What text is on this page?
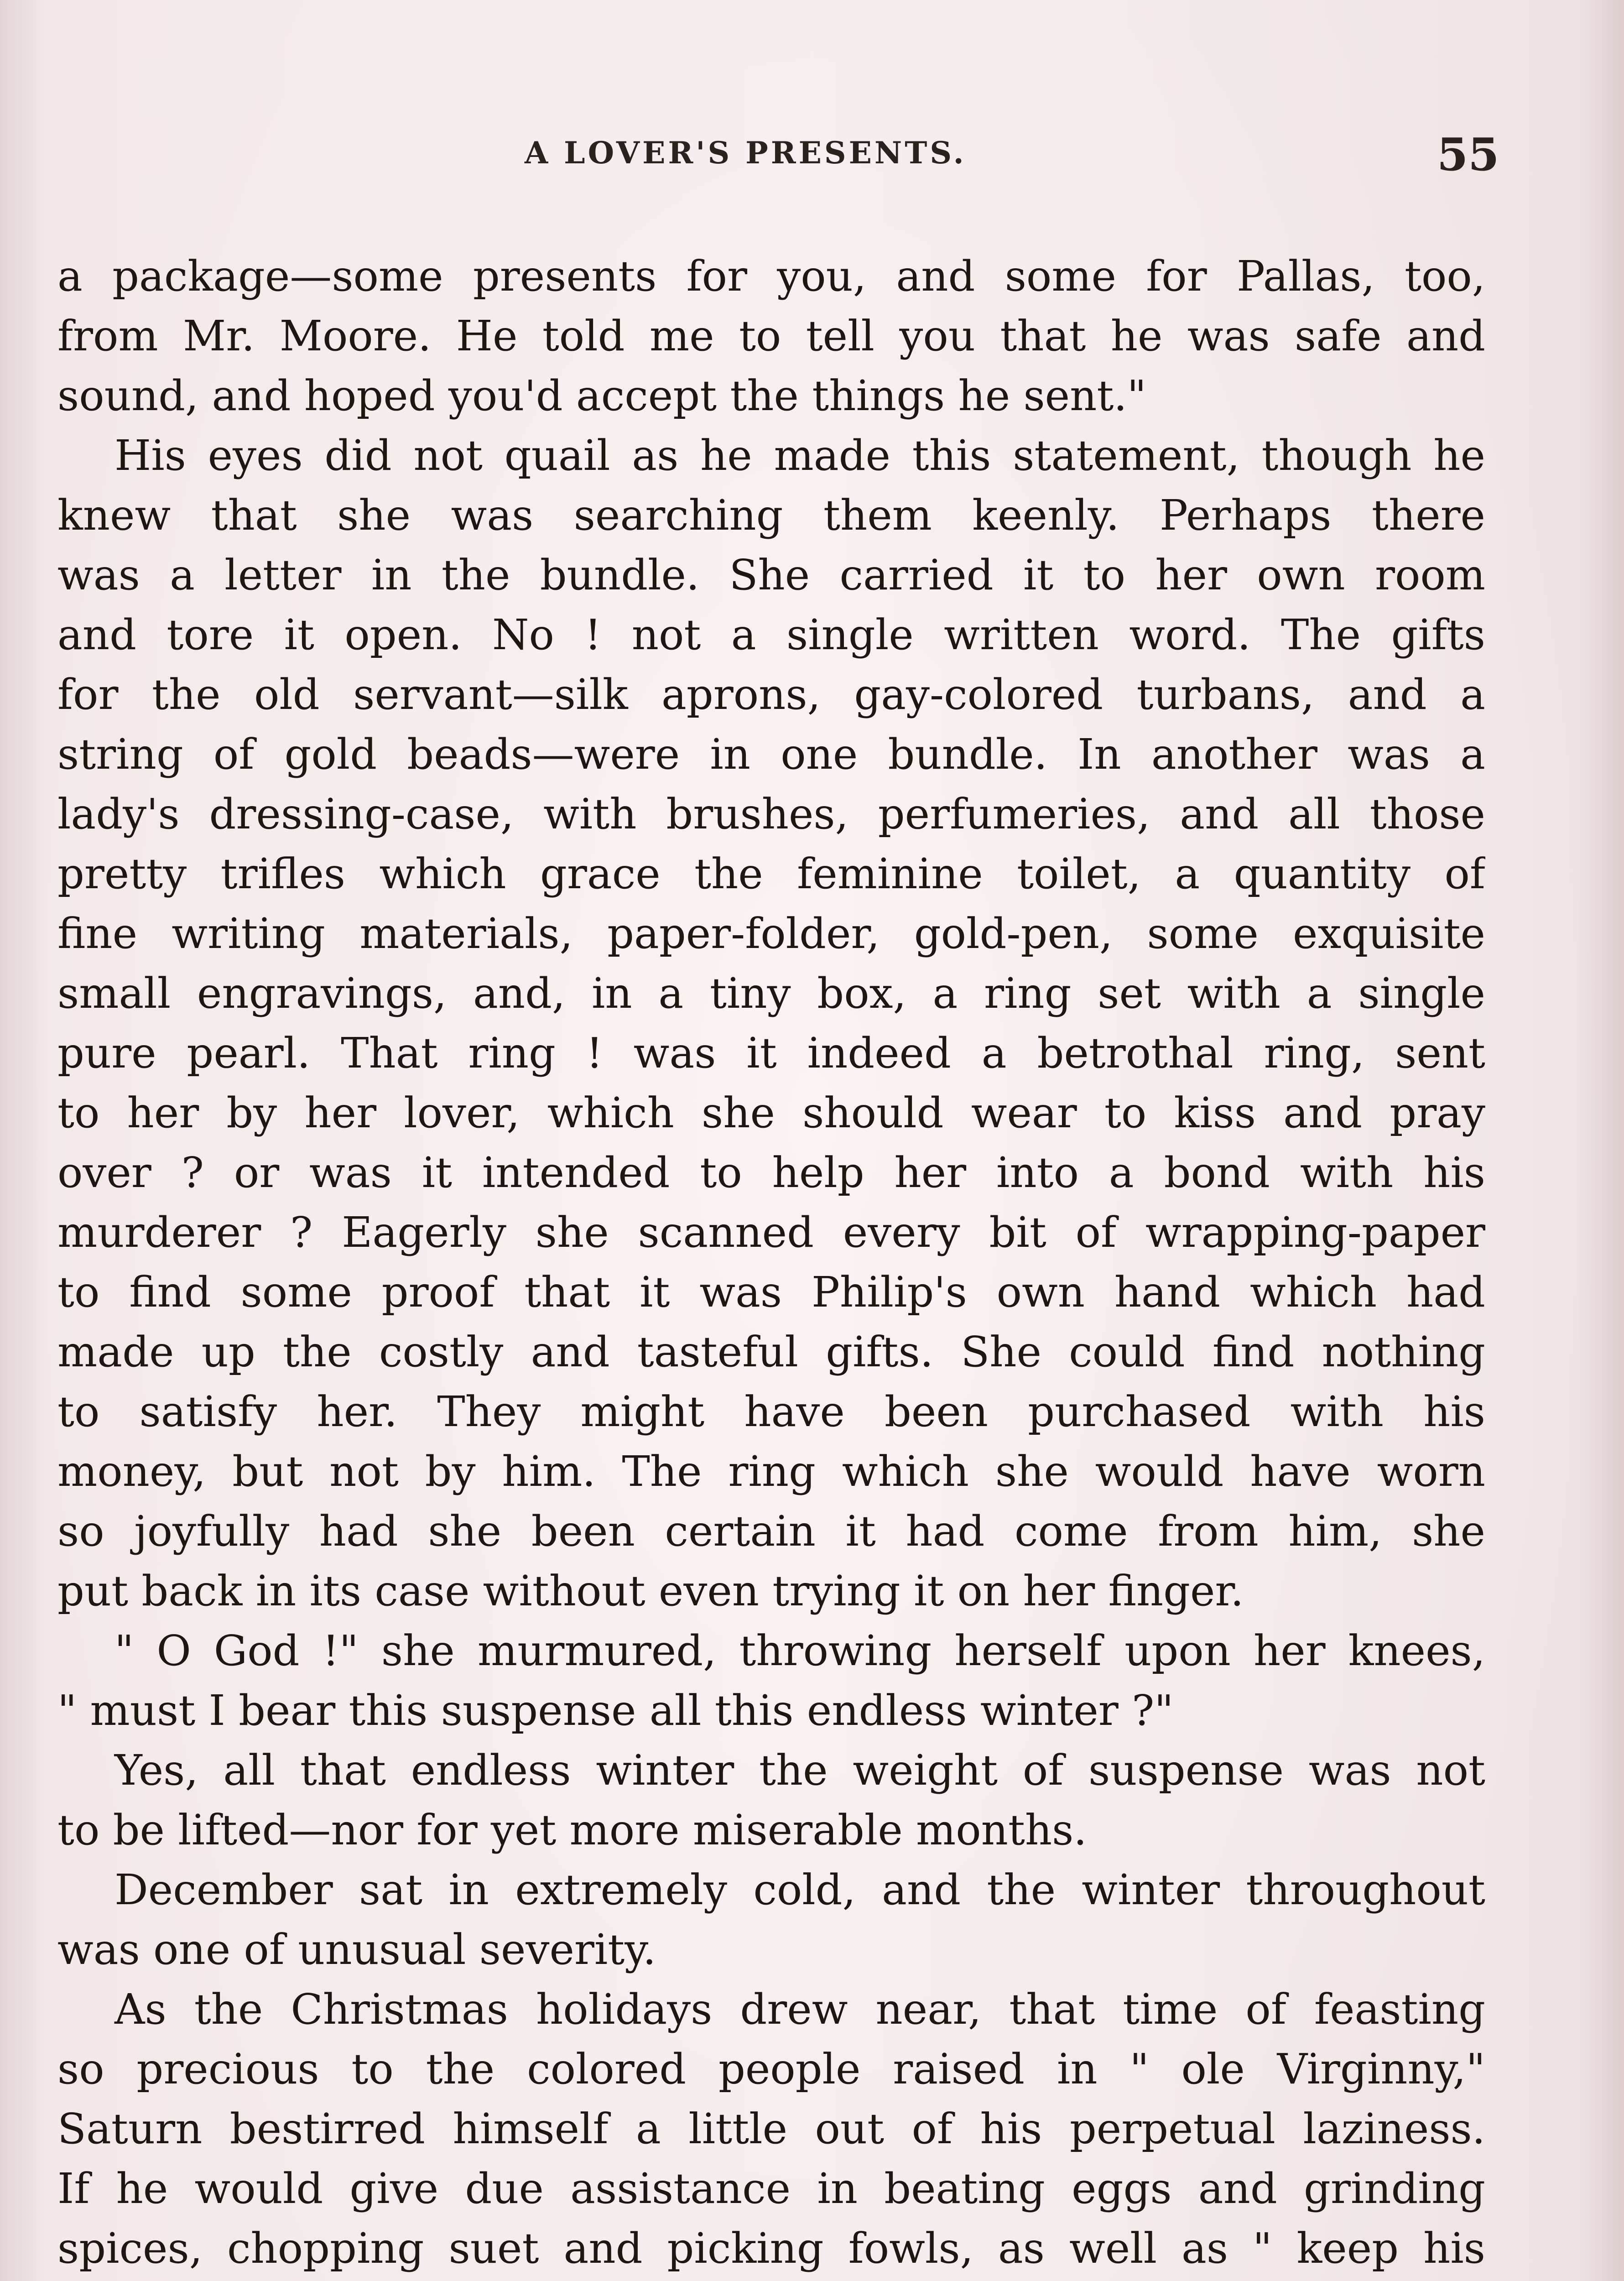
A LOVER'S PRESENTS.	55
a package—some presents for you, and some for Pallas, too,
from Mr. Moore. He told me to tell you that he was safe and
sound, and hoped you'd accept the things he sent."
His eyes did not quail as he made this statement, though he
knew that she was searching them keenly. Perhaps there
was a letter in the bundle. She carried it to her own room
and tore it open. No ! not a single written word. The gifts
for the old servant—silk aprons, gay-colored turbans, and a
string of gold beads—were in one bundle. In another was a
lady's dressing-case, with brushes, perfumeries, and all those
pretty trifles which grace the feminine toilet, a quantity of
fine writing materials, paper-folder, gold-pen, some exquisite
small engravings, and, in a tiny box, a ring set with a single
pure pearl. That ring ! was it indeed a betrothal ring, sent
to her by her lover, which she should wear to kiss and pray
over ? or was it intended to help her into a bond with his
murderer ? Eagerly she scanned every bit of wrapping-paper
to find some proof that it was Philip's own hand which had
made up the costly and tasteful gifts. She could find nothing
to satisfy her. They might have been purchased with his
money, but not by him. The ring which she would have worn
so joyfully had she been certain it had come from him, she
put back in its case without even trying it on her finger.
" O God !" she murmured, throwing herself upon her knees,
" must I bear this suspense all this endless winter ?"
Yes, all that endless winter the weight of suspense was not
to be lifted—nor for yet more miserable months.
December sat in extremely cold, and the winter throughout
was one of unusual severity.
As the Christmas holidays drew near, that time of feasting
so precious to the colored people raised in " ole Virginny,"
Saturn bestirred himself a little out of his perpetual laziness.
If he would give due assistance in beating eggs and grinding
spices, chopping suet and picking fowls, as well as " keep his
